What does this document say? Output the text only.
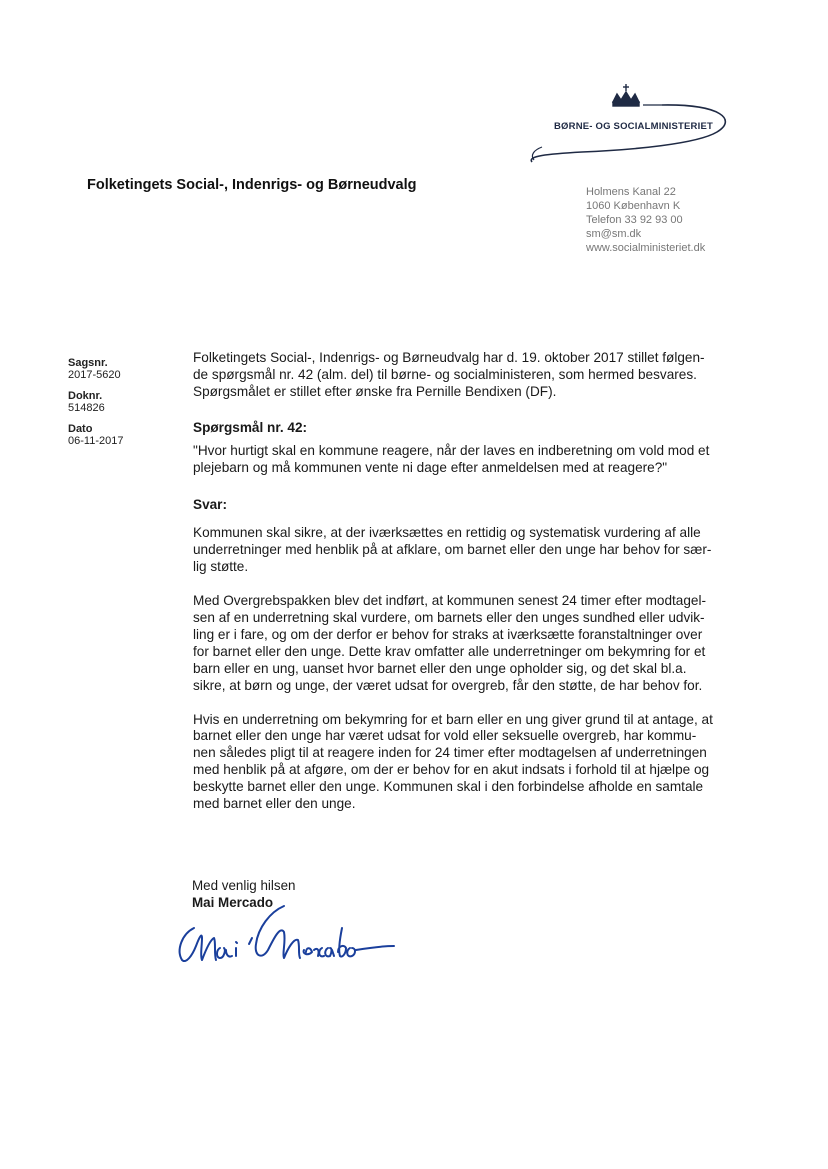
BØRNE- OG SOCIALMINISTERIET
Folketingets Social-, Indenrigs- og Børneudvalg	Holmens Kanal 22
1060 København K
Telefon 33 92 93 00
sm@sm.dk
www.socialministeriet.dk
Sagsnr.
2017-5620
Doknr.
514826
Dato
06-11-2017

Folketingets Social-, Indenrigs- og Børneudvalg har d. 19. oktober 2017 stillet følgen-
de spørgsmål nr. 42 (alm. del) til børne- og socialministeren, som hermed besvares.
Spørgsmålet er stillet efter ønske fra Pernille Bendixen (DF).

Spørgsmål nr. 42:

"Hvor hurtigt skal en kommune reagere, når der laves en indberetning om vold mod et
plejebarn og må kommunen vente ni dage efter anmeldelsen med at reagere?"

Svar:

Kommunen skal sikre, at der iværksættes en rettidig og systematisk vurdering af alle
underretninger med henblik på at afklare, om barnet eller den unge har behov for sær-
lig støtte.

Med Overgrebspakken blev det indført, at kommunen senest 24 timer efter modtagel-
sen af en underretning skal vurdere, om barnets eller den unges sundhed eller udvik-
ling er i fare, og om der derfor er behov for straks at iværksætte foranstaltninger over
for barnet eller den unge. Dette krav omfatter alle underretninger om bekymring for et
barn eller en ung, uanset hvor barnet eller den unge opholder sig, og det skal bl.a.
sikre, at børn og unge, der været udsat for overgreb, får den støtte, de har behov for.

Hvis en underretning om bekymring for et barn eller en ung giver grund til at antage, at
barnet eller den unge har været udsat for vold eller seksuelle overgreb, har kommu-
nen således pligt til at reagere inden for 24 timer efter modtagelsen af underretningen
med henblik på at afgøre, om der er behov for en akut indsats i forhold til at hjælpe og
beskytte barnet eller den unge. Kommunen skal i den forbindelse afholde en samtale
med barnet eller den unge.

Med venlig hilsen
Mai Mercado
